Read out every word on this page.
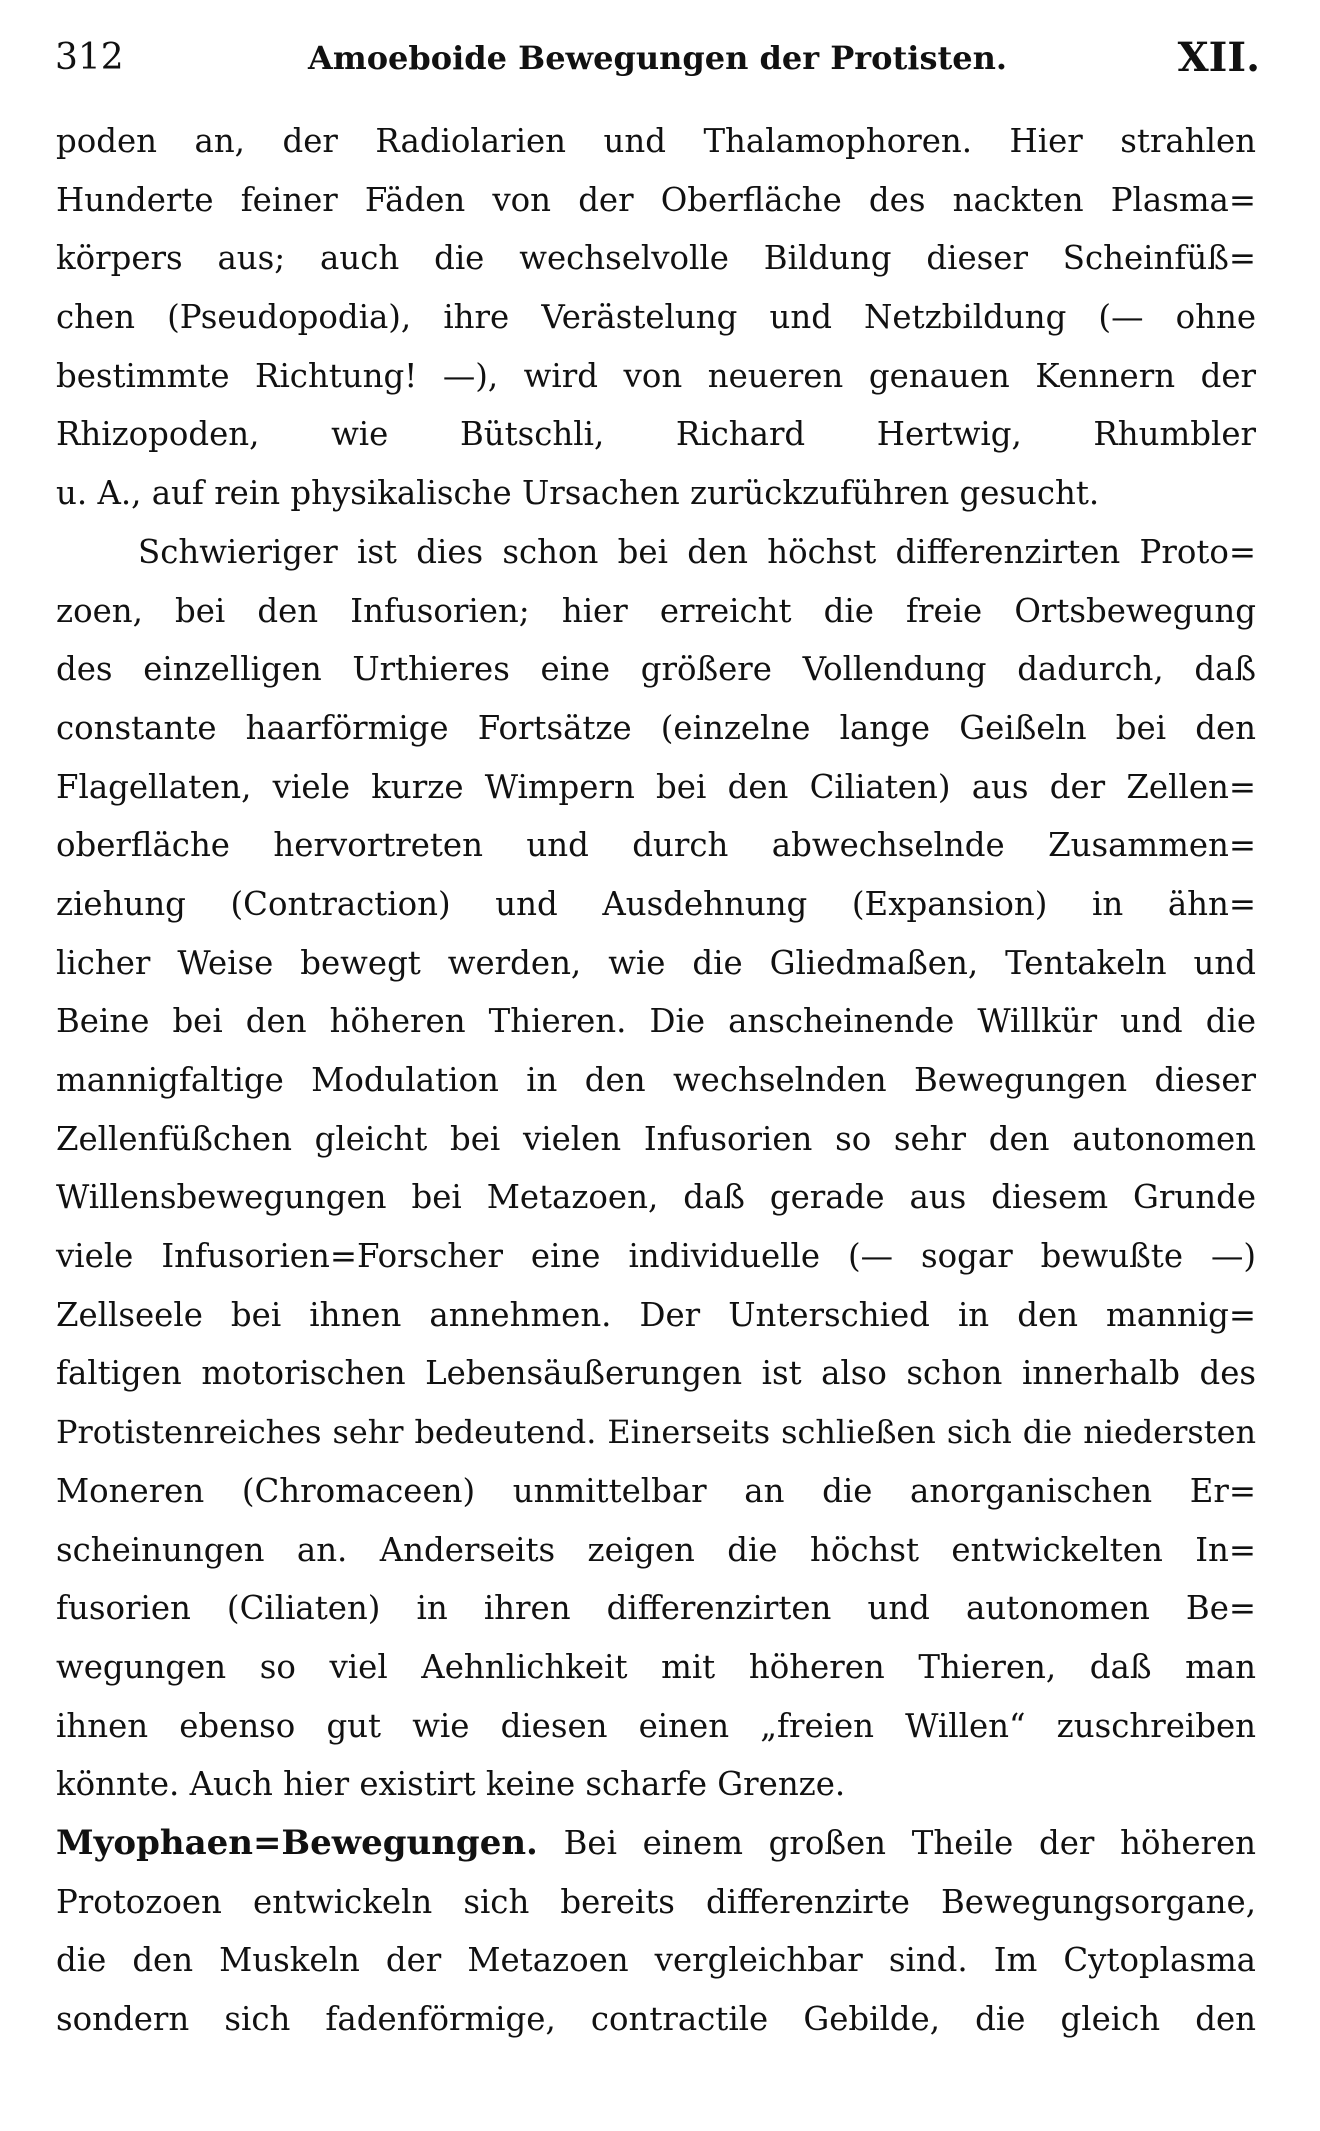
312	Amoeboide Bewegungen der Protisten.	XII.
poden an, der Radiolarien und Thalamophoren. Hier strahlen
Hunderte feiner Fäden von der Oberfläche des nackten Plasma=
körpers aus; auch die wechselvolle Bildung dieser Scheinfüß=
chen (Pseudopodia), ihre Verästelung und Netzbildung (— ohne
bestimmte Richtung! —), wird von neueren genauen Kennern der
Rhizopoden, wie Bütschli, Richard Hertwig, Rhumbler
u. A., auf rein physikalische Ursachen zurückzuführen gesucht.
Schwieriger ist dies schon bei den höchst differenzirten Proto=
zoen, bei den Infusorien; hier erreicht die freie Ortsbewegung
des einzelligen Urthieres eine größere Vollendung dadurch, daß
constante haarförmige Fortsätze (einzelne lange Geißeln bei den
Flagellaten, viele kurze Wimpern bei den Ciliaten) aus der Zellen=
oberfläche hervortreten und durch abwechselnde Zusammen=
ziehung (Contraction) und Ausdehnung (Expansion) in ähn=
licher Weise bewegt werden, wie die Gliedmaßen, Tentakeln und
Beine bei den höheren Thieren. Die anscheinende Willkür und die
mannigfaltige Modulation in den wechselnden Bewegungen dieser
Zellenfüßchen gleicht bei vielen Infusorien so sehr den autonomen
Willensbewegungen bei Metazoen, daß gerade aus diesem Grunde
viele Infusorien=Forscher eine individuelle (— sogar bewußte —)
Zellseele bei ihnen annehmen. Der Unterschied in den mannig=
faltigen motorischen Lebensäußerungen ist also schon innerhalb des
Protistenreiches sehr bedeutend. Einerseits schließen sich die niedersten
Moneren (Chromaceen) unmittelbar an die anorganischen Er=
scheinungen an. Anderseits zeigen die höchst entwickelten In=
fusorien (Ciliaten) in ihren differenzirten und autonomen Be=
wegungen so viel Aehnlichkeit mit höheren Thieren, daß man
ihnen ebenso gut wie diesen einen „freien Willen“ zuschreiben
könnte. Auch hier existirt keine scharfe Grenze.
Myophaen=Bewegungen. Bei einem großen Theile der höheren
Protozoen entwickeln sich bereits differenzirte Bewegungsorgane,
die den Muskeln der Metazoen vergleichbar sind. Im Cytoplasma
sondern sich fadenförmige, contractile Gebilde, die gleich den
